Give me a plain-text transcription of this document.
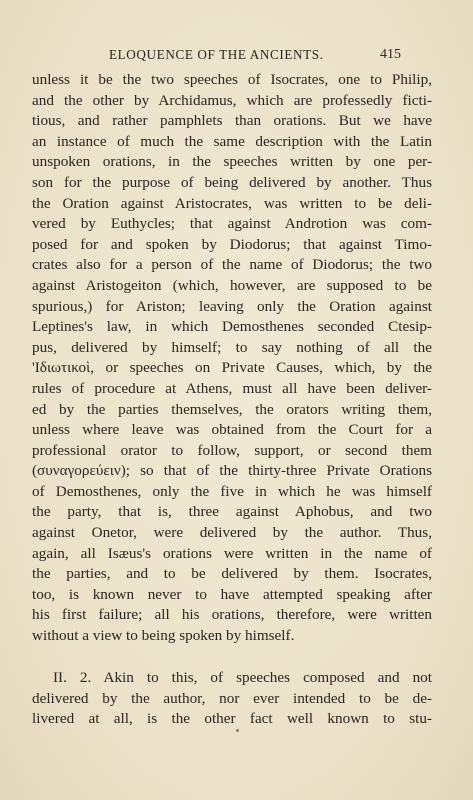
ELOQUENCE OF THE ANCIENTS.	415
unless it be the two speeches of Isocrates, one to Philip,
and the other by Archidamus, which are professedly ficti-
tious, and rather pamphlets than orations. But we have
an instance of much the same description with the Latin
unspoken orations, in the speeches written by one per-
son for the purpose of being delivered by another. Thus
the Oration against Aristocrates, was written to be deli-
vered by Euthycles; that against Androtion was com-
posed for and spoken by Diodorus; that against Timo-
crates also for a person of the name of Diodorus; the two
against Aristogeiton (which, however, are supposed to be
spurious,) for Ariston; leaving only the Oration against
Leptines's law, in which Demosthenes seconded Ctesip-
pus, delivered by himself; to say nothing of all the
'Ιδιωτικοὶ, or speeches on Private Causes, which, by the
rules of procedure at Athens, must all have been deliver-
ed by the parties themselves, the orators writing them,
unless where leave was obtained from the Court for a
professional orator to follow, support, or second them
(συναγορεύειν); so that of the thirty-three Private Orations
of Demosthenes, only the five in which he was himself
the party, that is, three against Aphobus, and two
against Onetor, were delivered by the author. Thus,
again, all Isæus's orations were written in the name of
the parties, and to be delivered by them. Isocrates,
too, is known never to have attempted speaking after
his first failure; all his orations, therefore, were written
without a view to being spoken by himself.
II. 2. Akin to this, of speeches composed and not
delivered by the author, nor ever intended to be de-
livered at all, is the other fact well known to stu-
